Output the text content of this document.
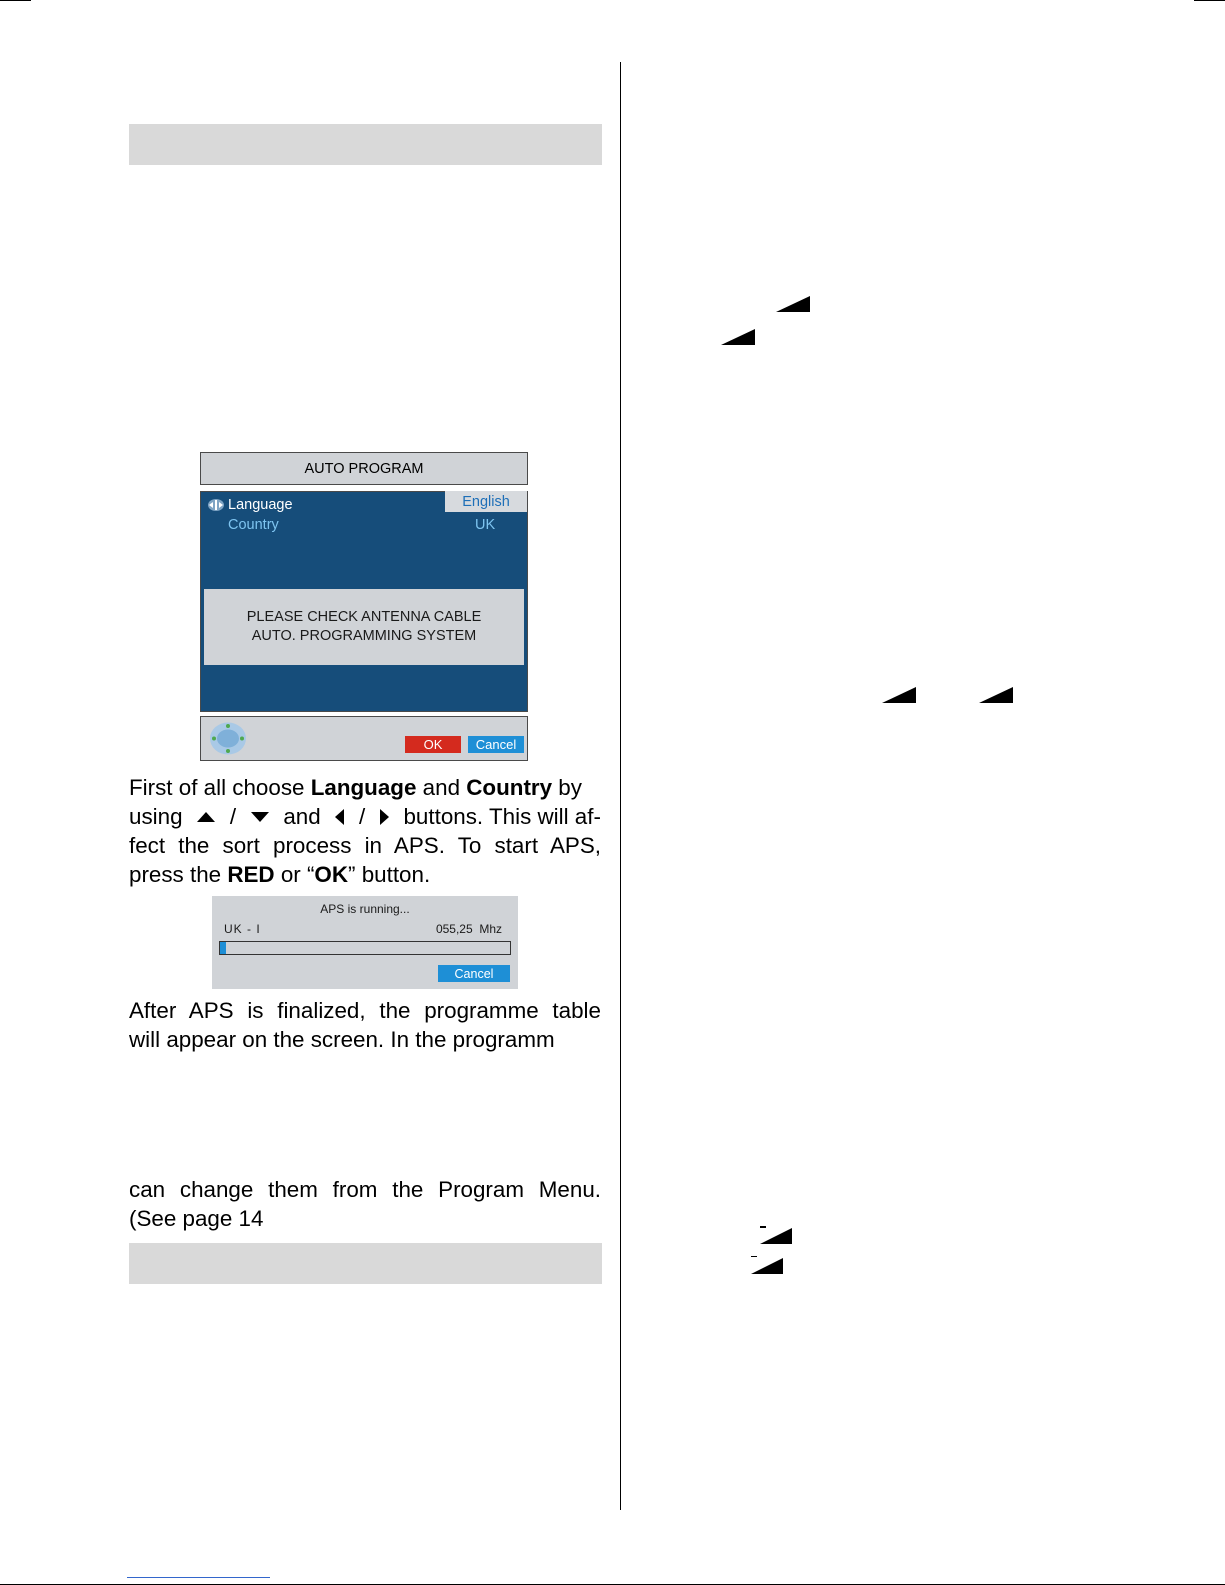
AUTO PROGRAM
Language	English
Country	UK
PLEASE CHECK ANTENNA CABLE
AUTO. PROGRAMMING SYSTEM
OK	Cancel
First of all choose Language and Country by
using / and / buttons. This will af-
fect the sort process in APS. To start APS,
press the RED or “OK” button.
APS is running...
UK - I	055,25  Mhz
Cancel
After APS is finalized, the programme table
will appear on the screen. In the programm
can change them from the Program Menu.
(See page 14
